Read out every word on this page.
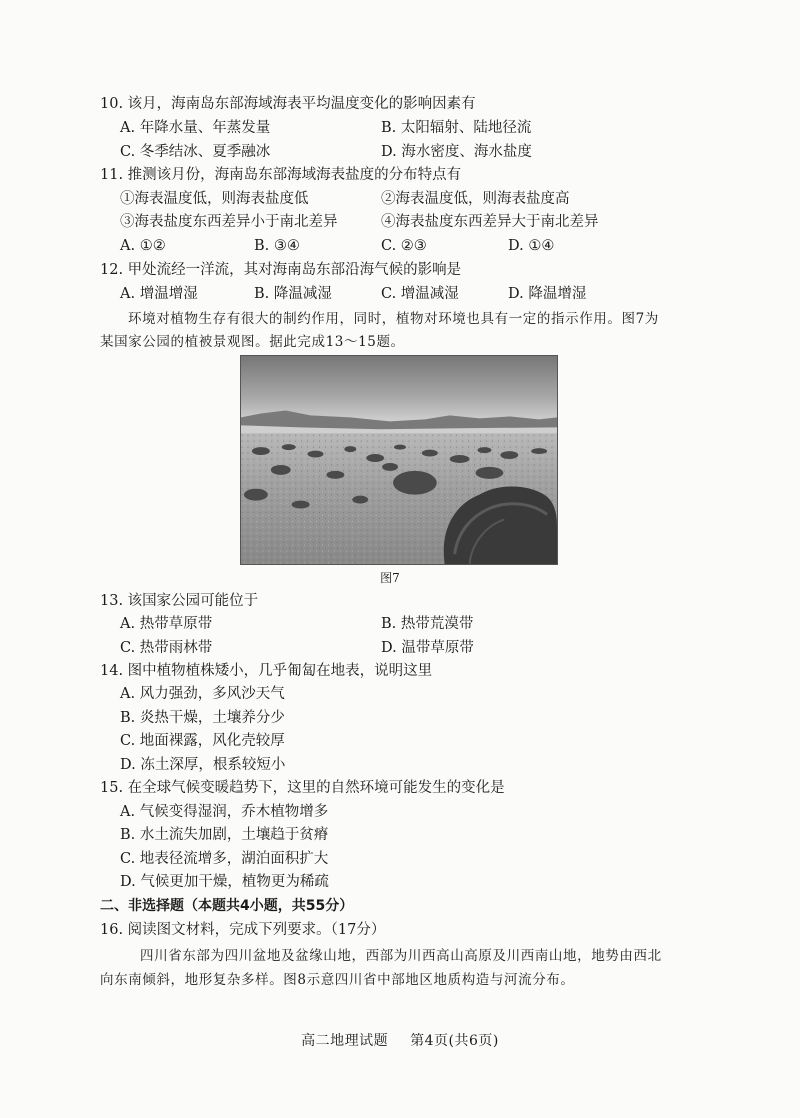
10. 该月，海南岛东部海域海表平均温度变化的影响因素有
A. 年降水量、年蒸发量	B. 太阳辐射、陆地径流
C. 冬季结冰、夏季融冰	D. 海水密度、海水盐度
11. 推测该月份，海南岛东部海域海表盐度的分布特点有
①海表温度低，则海表盐度低	②海表温度低，则海表盐度高
③海表盐度东西差异小于南北差异	④海表盐度东西差异大于南北差异
A. ①②	B. ③④	C. ②③	D. ①④
12. 甲处流经一洋流，其对海南岛东部沿海气候的影响是
A. 增温增湿	B. 降温减湿	C. 增温减湿	D. 降温增湿
环境对植物生存有很大的制约作用，同时，植物对环境也具有一定的指示作用。图7为某国家公园的植被景观图。据此完成13～15题。
图7
13. 该国家公园可能位于
A. 热带草原带	B. 热带荒漠带
C. 热带雨林带	D. 温带草原带
14. 图中植物植株矮小，几乎匍匐在地表，说明这里
A. 风力强劲，多风沙天气
B. 炎热干燥，土壤养分少
C. 地面裸露，风化壳较厚
D. 冻土深厚，根系较短小
15. 在全球气候变暖趋势下，这里的自然环境可能发生的变化是
A. 气候变得湿润，乔木植物增多
B. 水土流失加剧，土壤趋于贫瘠
C. 地表径流增多，湖泊面积扩大
D. 气候更加干燥，植物更为稀疏
二、非选择题（本题共4小题，共55分）
16. 阅读图文材料，完成下列要求。（17分）
四川省东部为四川盆地及盆缘山地，西部为川西高山高原及川西南山地，地势由西北向东南倾斜，地形复杂多样。图8示意四川省中部地区地质构造与河流分布。
高二地理试题 第4页(共6页)
